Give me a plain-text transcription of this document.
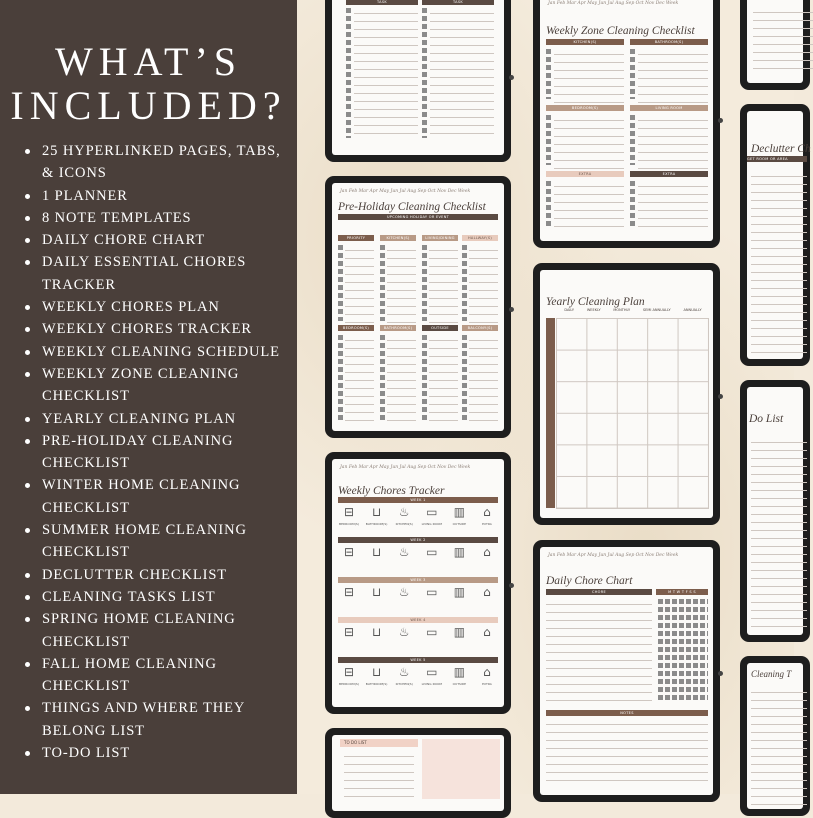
WHAT’S
INCLUDED?
25 HYPERLINKED PAGES, TABS, & ICONS
1 PLANNER
8 NOTE TEMPLATES
DAILY CHORE CHART
DAILY ESSENTIAL CHORES TRACKER
WEEKLY CHORES PLAN
WEEKLY CHORES TRACKER
WEEKLY CLEANING SCHEDULE
WEEKLY ZONE CLEANING CHECKLIST
YEARLY CLEANING PLAN
PRE-HOLIDAY CLEANING CHECKLIST
WINTER HOME CLEANING CHECKLIST
SUMMER HOME CLEANING CHECKLIST
DECLUTTER CHECKLIST
CLEANING TASKS LIST
SPRING HOME CLEANING CHECKLIST
FALL HOME CLEANING CHECKLIST
THINGS AND WHERE THEY BELONG LIST
TO-DO LIST
TASK	TASK	Jan Feb Mar Apr May Jun Jul Aug Sep Oct Nov Dec Week
Weekly Zone Cleaning Checklist
KITCHEN(S)	BATHROOM(S)
BEDROOM(S)	LIVING ROOM
EXTRA	EXTRA
Jan Feb Mar Apr May Jun Jul Aug Sep Oct Nov Dec Week
Pre-Holiday Cleaning Checklist
UPCOMING HOLIDAY OR EVENT
PRIORITY	KITCHEN(S)	LIVING/DINING	HALLWAY(S)
BEDROOM(S)	BATHROOM(S)	OUTSIDE	BALCONY(S)
Declutter Ch
GET ROOM OR AREA
Yearly Cleaning Plan
DAILY	WEEKLY	MONTHLY	SEMI ANNUALLY	ANNUALLY
Jan Feb Mar Apr May Jun Jul Aug Sep Oct Nov Dec Week
Weekly Chores Tracker
WEEK 1
⊟	⊔	♨	▭	▥	⌂
BEDROOM(S)	BATHROOM(S)	KITCHEN(S)	LIVING ROOM	OUTSIDE	EXTRA
WEEK 2
⊟	⊔	♨	▭	▥	⌂
WEEK 3
⊟	⊔	♨	▭	▥	⌂
WEEK 4
⊟	⊔	♨	▭	▥	⌂
WEEK 5
⊟	⊔	♨	▭	▥	⌂
BEDROOM(S)	BATHROOM(S)	KITCHEN(S)	LIVING ROOM	OUTSIDE	EXTRA
Do List
Jan Feb Mar Apr May Jun Jul Aug Sep Oct Nov Dec Week
Daily Chore Chart
CHORE	M T W T F S S
NOTES
TO DO LIST
Cleaning T
